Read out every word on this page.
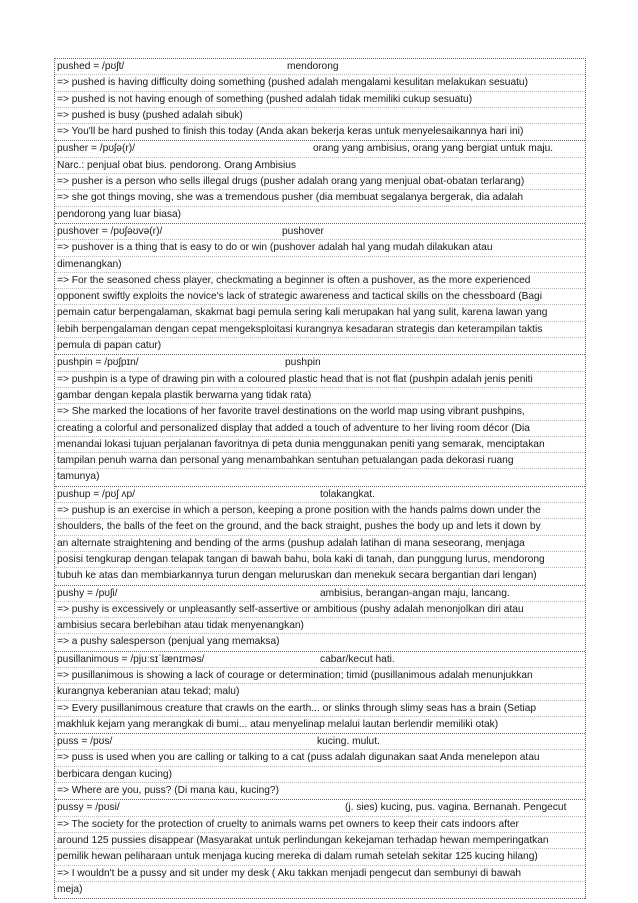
pushed = /pʊʃt/	mendorong
=> pushed is having difficulty doing something (pushed adalah mengalami kesulitan melakukan sesuatu)
=> pushed is not having enough of something (pushed adalah tidak memiliki cukup sesuatu)
=> pushed is busy (pushed adalah sibuk)
=> You'll be hard pushed to finish this today (Anda akan bekerja keras untuk menyelesaikannya hari ini)
pusher = /pʊʃə(r)/	orang yang ambisius, orang yang bergiat untuk maju.
Narc.: penjual obat bius. pendorong. Orang Ambisius
=> pusher is a person who sells illegal drugs (pusher adalah orang yang menjual obat-obatan terlarang)
=> she got things moving, she was a tremendous pusher (dia membuat segalanya bergerak, dia adalah
pendorong yang luar biasa)
pushover = /pʊʃəʊvə(r)/	pushover
=> pushover is a thing that is easy to do or win (pushover adalah hal yang mudah dilakukan atau
dimenangkan)
=> For the seasoned chess player, checkmating a beginner is often a pushover, as the more experienced
opponent swiftly exploits the novice's lack of strategic awareness and tactical skills on the chessboard (Bagi
pemain catur berpengalaman, skakmat bagi pemula sering kali merupakan hal yang sulit, karena lawan yang
lebih berpengalaman dengan cepat mengeksploitasi kurangnya kesadaran strategis dan keterampilan taktis
pemula di papan catur)
pushpin = /pʊʃpɪn/	pushpin
=> pushpin is a type of drawing pin with a coloured plastic head that is not flat (pushpin adalah jenis peniti
gambar dengan kepala plastik berwarna yang tidak rata)
=> She marked the locations of her favorite travel destinations on the world map using vibrant pushpins,
creating a colorful and personalized display that added a touch of adventure to her living room décor (Dia
menandai lokasi tujuan perjalanan favoritnya di peta dunia menggunakan peniti yang semarak, menciptakan
tampilan penuh warna dan personal yang menambahkan sentuhan petualangan pada dekorasi ruang
tamunya)
pushup = /pʊʃ ʌp/	tolakangkat.
=> pushup is an exercise in which a person, keeping a prone position with the hands palms down under the
shoulders, the balls of the feet on the ground, and the back straight, pushes the body up and lets it down by
an alternate straightening and bending of the arms (pushup adalah latihan di mana seseorang, menjaga
posisi tengkurap dengan telapak tangan di bawah bahu, bola kaki di tanah, dan punggung lurus, mendorong
tubuh ke atas dan membiarkannya turun dengan meluruskan dan menekuk secara bergantian dari lengan)
pushy = /pʊʃi/	ambisius, berangan-angan maju, lancang.
=> pushy is excessively or unpleasantly self-assertive or ambitious (pushy adalah menonjolkan diri atau
ambisius secara berlebihan atau tidak menyenangkan)
=> a pushy salesperson (penjual yang memaksa)
pusillanimous = /pjuːsɪˈlænɪməs/	cabar/kecut hati.
=> pusillanimous is showing a lack of courage or determination; timid (pusillanimous adalah menunjukkan
kurangnya keberanian atau tekad; malu)
=> Every pusillanimous creature that crawls on the earth... or slinks through slimy seas has a brain (Setiap
makhluk kejam yang merangkak di bumi... atau menyelinap melalui lautan berlendir memiliki otak)
puss = /pʊs/	kucing. mulut.
=> puss is used when you are calling or talking to a cat (puss adalah digunakan saat Anda menelepon atau
berbicara dengan kucing)
=> Where are you, puss? (Di mana kau, kucing?)
pussy = /pʊsi/	(j. sies) kucing, pus. vagina. Bernanah. Pengecut
=> The society for the protection of cruelty to animals warns pet owners to keep their cats indoors after
around 125 pussies disappear (Masyarakat untuk perlindungan kekejaman terhadap hewan memperingatkan
pemilik hewan peliharaan untuk menjaga kucing mereka di dalam rumah setelah sekitar 125 kucing hilang)
=> I wouldn't be a pussy and sit under my desk ( Aku takkan menjadi pengecut dan sembunyi di bawah
meja)
